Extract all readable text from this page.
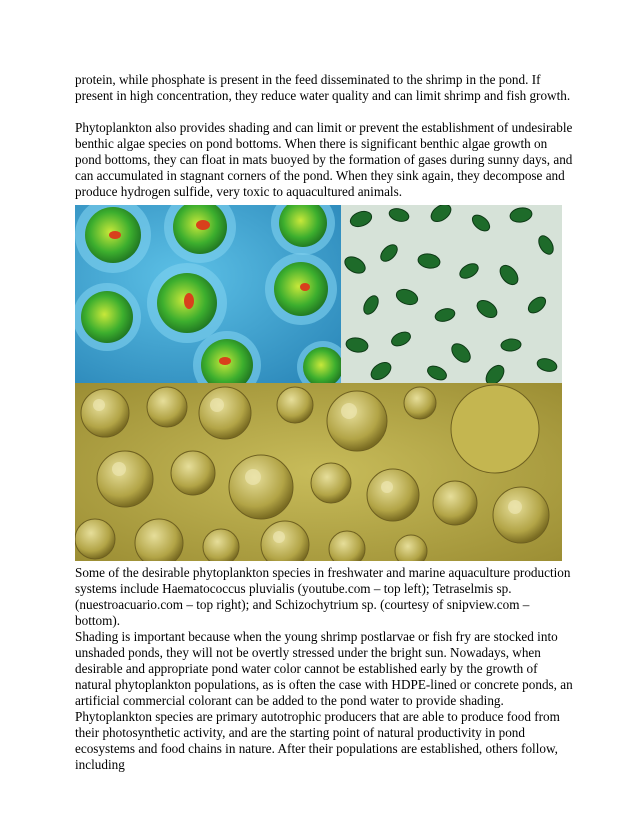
protein, while phosphate is present in the feed disseminated to the shrimp in the pond. If present in high concentration, they reduce water quality and can limit shrimp and fish growth.

Phytoplankton also provides shading and can limit or prevent the establishment of undesirable benthic algae species on pond bottoms. When there is significant benthic algae growth on pond bottoms, they can float in mats buoyed by the formation of gases during sunny days, and can accumulated in stagnant corners of the pond. When they sink again, they decompose and produce hydrogen sulfide, very toxic to aquacultured animals.

Some of the desirable phytoplankton species in freshwater and marine aquaculture production systems include Haematococcus pluvialis (youtube.com – top left); Tetraselmis sp. (nuestroacuario.com – top right); and Schizochytrium sp. (courtesy of snipview.com – bottom).

Shading is important because when the young shrimp postlarvae or fish fry are stocked into unshaded ponds, they will not be overtly stressed under the bright sun. Nowadays, when desirable and appropriate pond water color cannot be established early by the growth of natural phytoplankton populations, as is often the case with HDPE-lined or concrete ponds, an artificial commercial colorant can be added to the pond water to provide shading.

Phytoplankton species are primary autotrophic producers that are able to produce food from their photosynthetic activity, and are the starting point of natural productivity in pond ecosystems and food chains in nature. After their populations are established, others follow, including
